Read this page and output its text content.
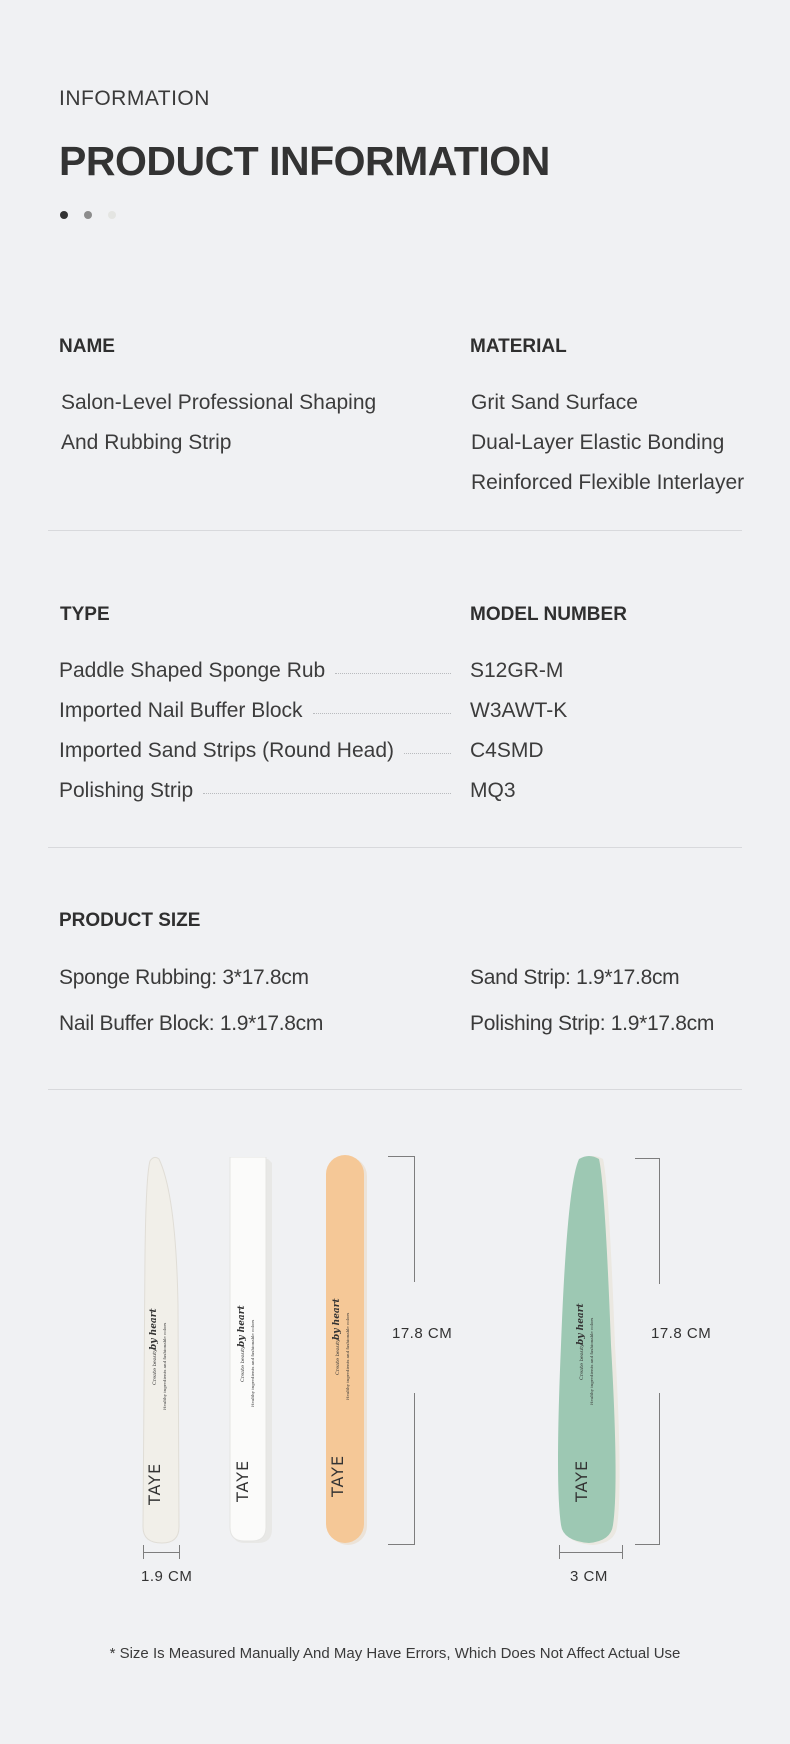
INFORMATION
PRODUCT INFORMATION
NAME
Salon-Level Professional Shaping
And Rubbing Strip
MATERIAL
Grit Sand Surface
Dual-Layer Elastic Bonding
Reinforced Flexible Interlayer
TYPE	MODEL NUMBER
Paddle Shaped Sponge Rub	S12GR-M
Imported Nail Buffer Block	W3AWT-K
Imported Sand Strips (Round Head)	C4SMD
Polishing Strip	MQ3
PRODUCT SIZE
Sponge Rubbing: 3*17.8cm	Sand Strip: 1.9*17.8cm
Nail Buffer Block: 1.9*17.8cm	Polishing Strip: 1.9*17.8cm
Create beauty
by heart Healthy ingredients and fashionable colors
TAYE
Create beauty
by heart Healthy ingredients and fashionable colors
TAYE
Create beauty
by heart Healthy ingredients and fashionable colors
TAYE
17.8 CM
1.9 CM
Create beauty
by heart Healthy ingredients and fashionable colors
TAYE
17.8 CM
3 CM
* Size Is Measured Manually And May Have Errors, Which Does Not Affect Actual Use
